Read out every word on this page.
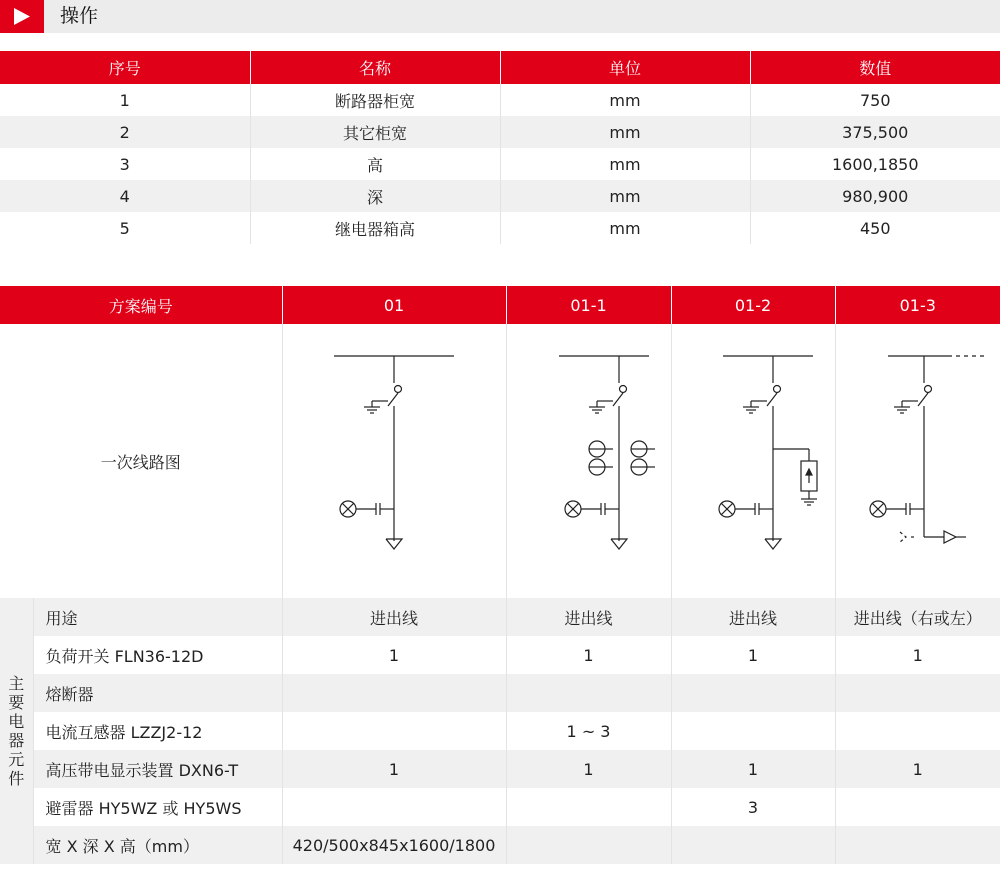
操作
序号	名称	单位	数值
1	断路器柜宽	mm	750
2	其它柜宽	mm	375,500
3	高	mm	1600,1850
4	深	mm	980,900
5	继电器箱高	mm	450
方案编号		01	01-1	01-2	01-3
一次线路图	

主要电器元件	用途	进出线	进出线	进出线	进出线（右或左）
	负荷开关 FLN36-12D	1	1	1	1
	熔断器				
	电流互感器 LZZJ2-12		1 ~ 3		
	高压带电显示装置 DXN6-T	1	1	1	1
	避雷器 HY5WZ 或 HY5WS			3	
	宽 X 深 X 高（mm）	420/500x845x1600/1800			
